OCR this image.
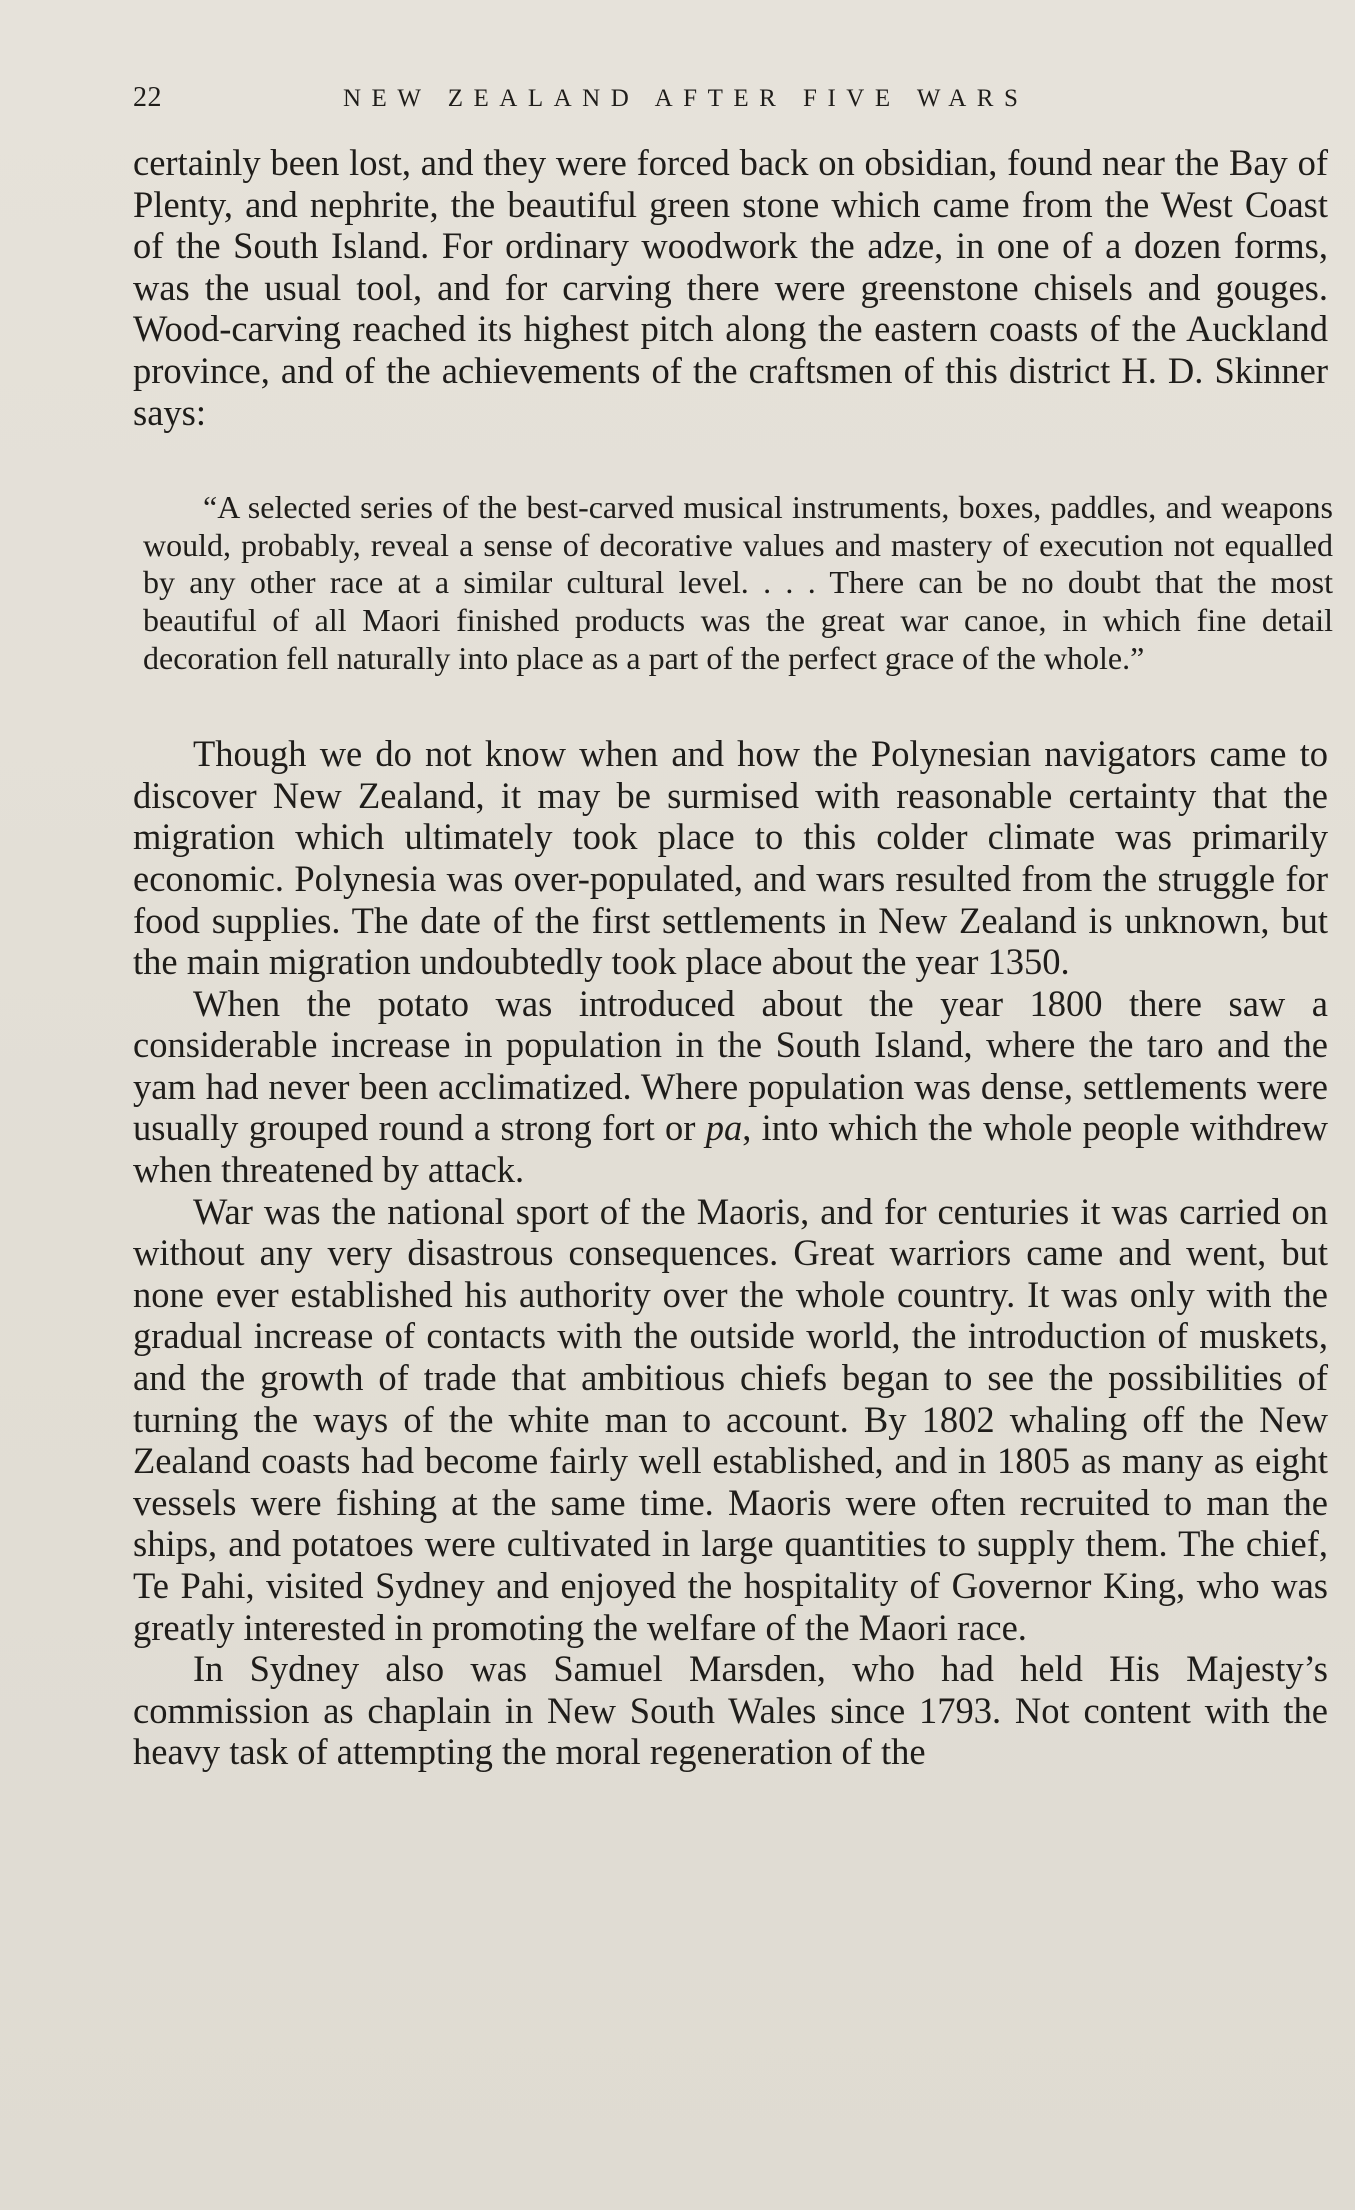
22	NEW ZEALAND AFTER FIVE WARS

certainly been lost, and they were forced back on obsidian, found near the Bay of Plenty, and nephrite, the beautiful green stone which came from the West Coast of the South Island. For ordinary woodwork the adze, in one of a dozen forms, was the usual tool, and for carving there were greenstone chisels and gouges. Wood-carving reached its highest pitch along the eastern coasts of the Auckland province, and of the achievements of the craftsmen of this district H. D. Skinner says:

“A selected series of the best-carved musical instruments, boxes, paddles, and weapons would, probably, reveal a sense of decorative values and mastery of execution not equalled by any other race at a similar cultural level. . . . There can be no doubt that the most beautiful of all Maori finished products was the great war canoe, in which fine detail decoration fell naturally into place as a part of the perfect grace of the whole.”

Though we do not know when and how the Polynesian navigators came to discover New Zealand, it may be surmised with reasonable certainty that the migration which ultimately took place to this colder climate was primarily economic. Polynesia was over-populated, and wars resulted from the struggle for food supplies. The date of the first settlements in New Zealand is unknown, but the main migration undoubtedly took place about the year 1350.

When the potato was introduced about the year 1800 there saw a considerable increase in population in the South Island, where the taro and the yam had never been acclimatized. Where population was dense, settlements were usually grouped round a strong fort or pa, into which the whole people withdrew when threatened by attack.

War was the national sport of the Maoris, and for centuries it was carried on without any very disastrous consequences. Great warriors came and went, but none ever established his authority over the whole country. It was only with the gradual increase of contacts with the outside world, the introduction of muskets, and the growth of trade that ambitious chiefs began to see the possibilities of turning the ways of the white man to account. By 1802 whaling off the New Zealand coasts had become fairly well established, and in 1805 as many as eight vessels were fishing at the same time. Maoris were often recruited to man the ships, and potatoes were cultivated in large quantities to supply them. The chief, Te Pahi, visited Sydney and enjoyed the hospitality of Governor King, who was greatly interested in promoting the welfare of the Maori race.

In Sydney also was Samuel Marsden, who had held His Majesty’s commission as chaplain in New South Wales since 1793. Not content with the heavy task of attempting the moral regeneration of the
